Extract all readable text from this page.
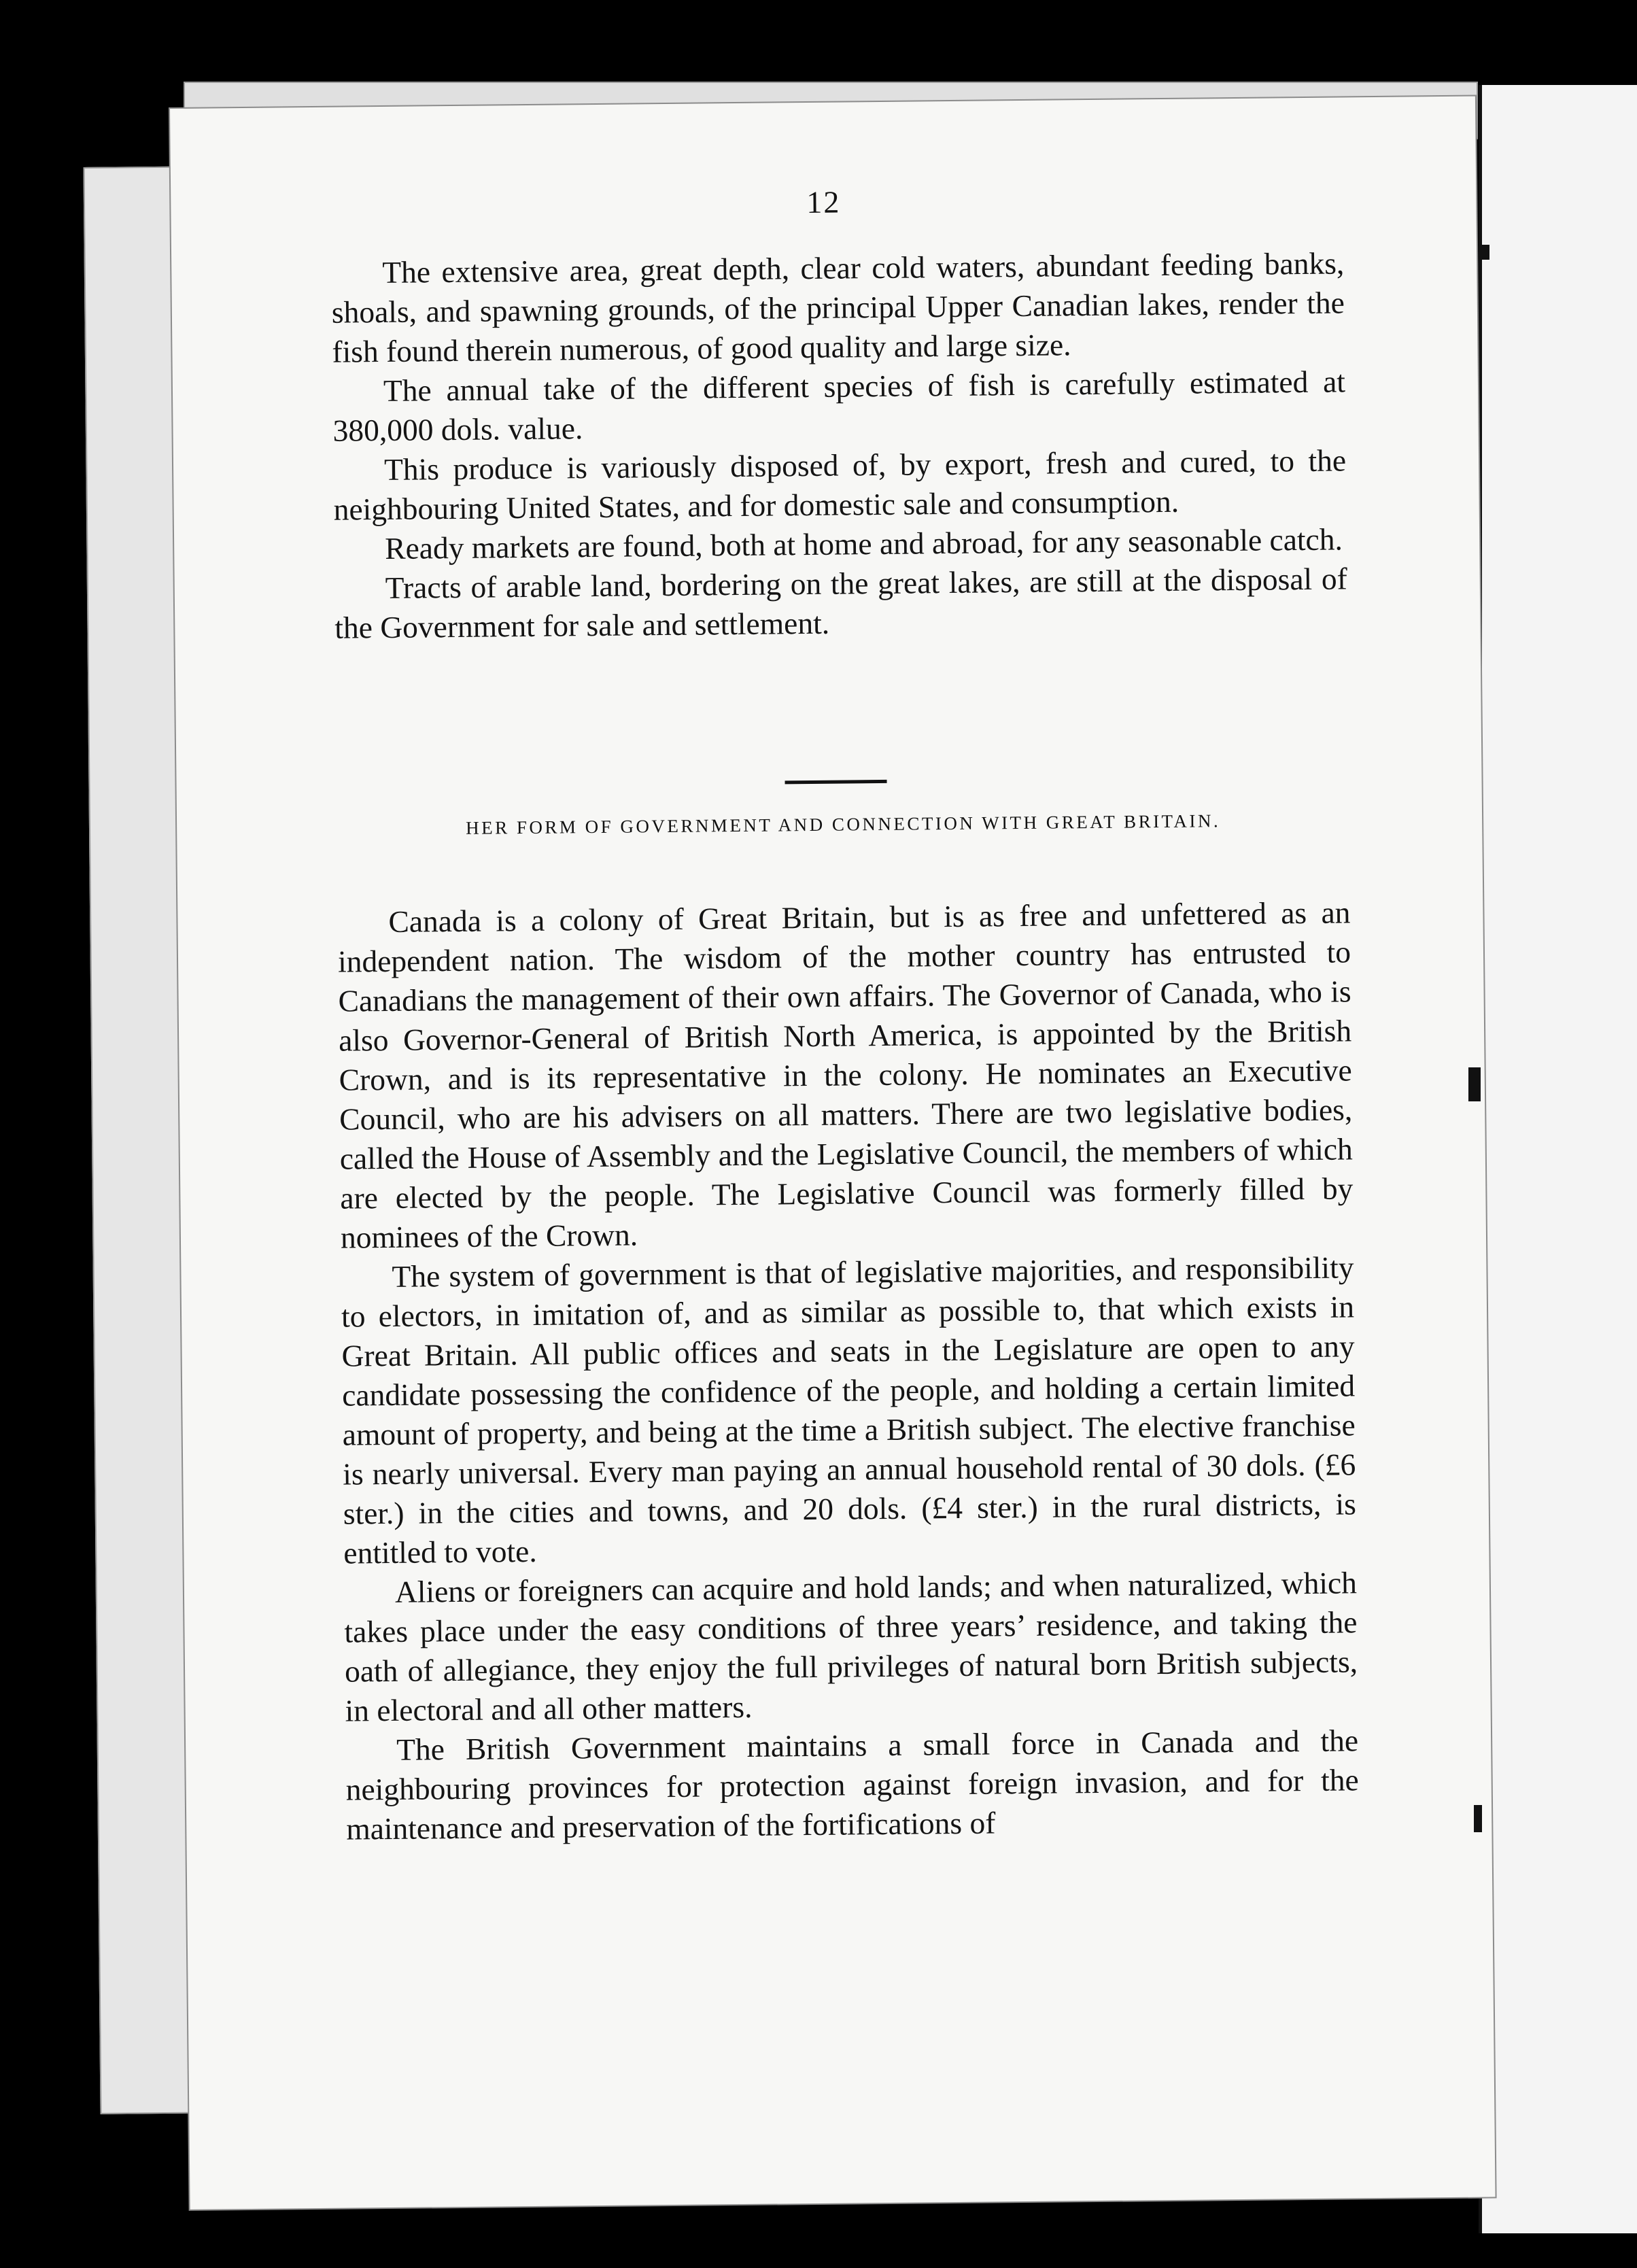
12

The extensive area, great depth, clear cold waters, abundant feeding banks, shoals, and spawning grounds, of the principal Upper Canadian lakes, render the fish found therein numerous, of good quality and large size.

The annual take of the different species of fish is carefully estimated at 380,000 dols. value.

This produce is variously disposed of, by export, fresh and cured, to the neighbouring United States, and for domestic sale and consumption.

Ready markets are found, both at home and abroad, for any seasonable catch.

Tracts of arable land, bordering on the great lakes, are still at the disposal of the Government for sale and settlement.

HER FORM OF GOVERNMENT AND CONNECTION WITH GREAT BRITAIN.

Canada is a colony of Great Britain, but is as free and unfettered as an independent nation. The wisdom of the mother country has entrusted to Canadians the management of their own affairs. The Governor of Canada, who is also Governor-General of British North America, is appointed by the British Crown, and is its representative in the colony. He nominates an Executive Council, who are his advisers on all matters. There are two legislative bodies, called the House of Assembly and the Legislative Council, the members of which are elected by the people. The Legislative Council was formerly filled by nominees of the Crown.

The system of government is that of legislative majorities, and responsibility to electors, in imitation of, and as similar as possible to, that which exists in Great Britain. All public offices and seats in the Legislature are open to any candidate possessing the confidence of the people, and holding a certain limited amount of property, and being at the time a British subject. The elective franchise is nearly universal. Every man paying an annual household rental of 30 dols. (£6 ster.) in the cities and towns, and 20 dols. (£4 ster.) in the rural districts, is entitled to vote.

Aliens or foreigners can acquire and hold lands; and when naturalized, which takes place under the easy conditions of three years’ residence, and taking the oath of allegiance, they enjoy the full privileges of natural born British subjects, in electoral and all other matters.

The British Government maintains a small force in Canada and the neighbouring provinces for protection against foreign invasion, and for the maintenance and preservation of the fortifications of
